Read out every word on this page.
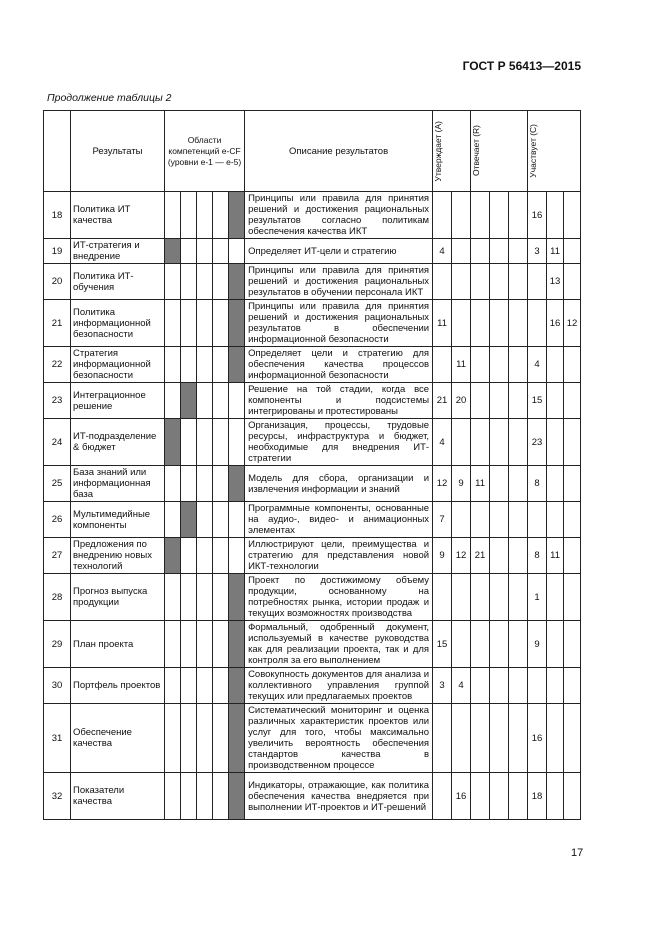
ГОСТ Р 56413—2015
Продолжение таблицы 2
	Результаты	Области компетенций e-CF (уровни e-1 — e-5)					Описание результатов	Утверждает (A)		Отвечает (R)			Участвует (C)		

18	Политика ИТ качества						Принципы или правила для принятия решений и достижения рациональных результатов согласно политикам обеспечения качества ИКТ						16		
19	ИТ-стратегия и внедрение						Определяет ИТ-цели и стратегию	4					3	11	
20	Политика ИТ-обучения						Принципы или правила для принятия решений и достижения рациональных результатов в обучении персонала ИКТ							13	
21	Политика информационной безопасности						Принципы или правила для принятия решений и достижения рациональных результатов в обеспечении информационной безопасности	11						16	12
22	Стратегия информационной безопасности						Определяет цели и стратегию для обеспечения качества процессов информационной безопасности		11				4		
23	Интеграционное решение						Решение на той стадии, когда все компоненты и подсистемы интегрированы и протестированы	21	20				15		
24	ИТ-подразделение & бюджет						Организация, процессы, трудовые ресурсы, инфраструктура и бюджет, необходимые для внедрения ИТ-стратегии	4					23		
25	База знаний или информационная база						Модель для сбора, организации и извлечения информации и знаний	12	9	11			8		
26	Мультимедийные компоненты						Программные компоненты, основанные на аудио-, видео- и анимационных элементах	7							
27	Предложения по внедрению новых технологий						Иллюстрируют цели, преимущества и стратегию для представления новой ИКТ-технологии	9	12	21			8	11	
28	Прогноз выпуска продукции						Проект по достижимому объему продукции, основанному на потребностях рынка, истории продаж и текущих возможностях производства						1		
29	План проекта						Формальный, одобренный документ, используемый в качестве руководства как для реализации проекта, так и для контроля за его выполнением	15					9		
30	Портфель проектов						Совокупность документов для анализа и коллективного управления группой текущих или предлагаемых проектов	3	4						
31	Обеспечение качества						Систематический мониторинг и оценка различных характеристик проектов или услуг для того, чтобы максимально увеличить вероятность обеспечения стандартов качества в производственном процессе						16		
32	Показатели качества						Индикаторы, отражающие, как политика обеспечения качества внедряется при выполнении ИТ-проектов и ИТ-решений		16				18		
17
